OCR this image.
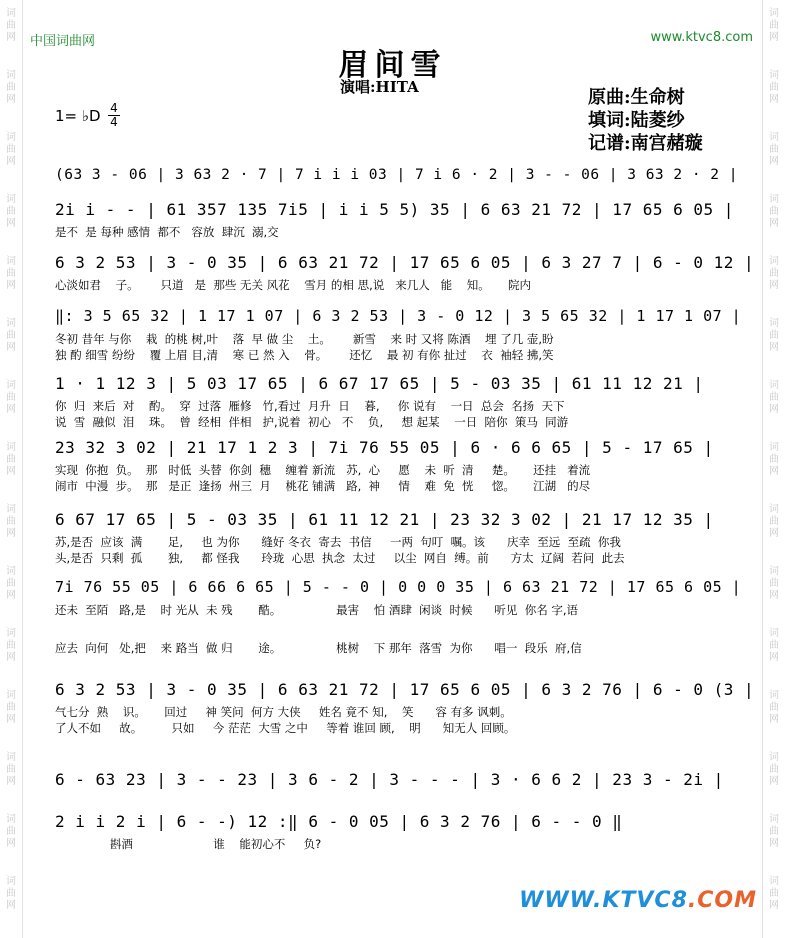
词曲网
词曲网
词曲网
词曲网
词曲网
词曲网
词曲网
词曲网
词曲网
词曲网
词曲网
词曲网
词曲网
词曲网
词曲网
词曲网
词曲网
词曲网
词曲网
词曲网
词曲网
词曲网
词曲网
词曲网
词曲网
词曲网
词曲网
词曲网
词曲网
词曲网
中国词曲网	www.ktvc8.com
眉间雪
演唱:HITA	原曲:生命树
填词:陆菱纱
记谱:南宫赭璇
1= ♭D 4
4
(63 3 - 06 | 3 63 2 · 7 | 7 i i i 03 | 7 i 6 · 2 | 3 - - 06 | 3 63 2 · 2 |
2i i - - | 61 357 135 7i5 | i i 5 5) 35 | 6 63 21 72 | 17 65 6 05 |
是不  是 每种 感情  都不   容放  肆沉  溺,交
6 3 2 53 | 3 - 0 35 | 6 63 21 72 | 17 65 6 05 | 6 3 27 7 | 6 - 0 12 |
心淡如君    子。      只道   是  那些 无关 风花    雪月 的相 思,说   来几人   能    知。     院内
‖: 3 5 65 32 | 1 17 1 07 | 6 3 2 53 | 3 - 0 12 | 3 5 65 32 | 1 17 1 07 |
冬初 昔年 与你    栽  的桃 树,叶    落  早 做 尘    土。      新雪    来 时 又将 陈酒    埋 了几 壶,盼
独 酌 细雪 纷纷    覆 上眉 目,清    寒 已 然 入    骨。      还忆    最 初 有你 扯过    衣  袖轻 拂,笑
1 · 1 12 3 | 5 03 17 65 | 6 67 17 65 | 5 - 03 35 | 61 11 12 21 |
你  归  来后  对    酌。  穿  过落  雁修   竹,看过  月升  日    暮,     你 说有    一日  总会  名扬  天下
说  雪  融似  泪    珠。  曾  经相  伴相   护,说着  初心   不    负,     想 起某    一日  陪你  策马  同游
23 32 3 02 | 21 17 1 2 3 | 7i 76 55 05 | 6 · 6 6 65 | 5 - 17 65 |
实现  你抱  负。  那   时低  头替  你剑  穗    缠着 新流   苏,  心     愿    未  听  清     楚。     还挂   着流
闹市  中漫  步。  那   是正  逢扬  州三  月    桃花 铺满   路,  神     情    难  免  恍     惚。     江湖   的尽
6 67 17 65 | 5 - 03 35 | 61 11 12 21 | 23 32 3 02 | 21 17 12 35 |
苏,是否  应该  满       足,     也 为你      缝好 冬衣  寄去  书信     一两  句叮  嘱。该      庆幸  至远  至疏  你我
头,是否  只剩  孤       独,     都 怪我      玲珑  心思  执念  太过     以尘  网自  缚。前      方太  辽阔  若问  此去
7i 76 55 05 | 6 66 6 65 | 5 - - 0 | 0 0 0 35 | 6 63 21 72 | 17 65 6 05 |
还未  至陌   路,是    时 光从  未 残       酷。               最害    怕 酒肆  闲谈  时候      听见  你名 字,语
应去  向何   处,把    来 路当  做 归       途。               桃树    下 那年  落雪  为你      唱一  段乐  府,信
6 3 2 53 | 3 - 0 35 | 6 63 21 72 | 17 65 6 05 | 6 3 2 76 | 6 - 0 (3 |
气七分  熟    识。     回过     神 笑问  何方 大侠     姓名 竟不 知,    笑      容 有多 讽刺。
了人不如     故。        只如     今 茫茫  大雪 之中     等着 谁回 顾,    明      知无人 回顾。
6 - 63 23 | 3 - - 23 | 3 6 - 2 | 3 - - - | 3 · 6 6 2 | 23 3 - 2i |
2 i i 2 i | 6 - -) 12 :‖ 6 - 0 05 | 6 3 2 76 | 6 - - 0 ‖
斟酒                      谁    能初心不     负?
WWW.KTVC8.COM
